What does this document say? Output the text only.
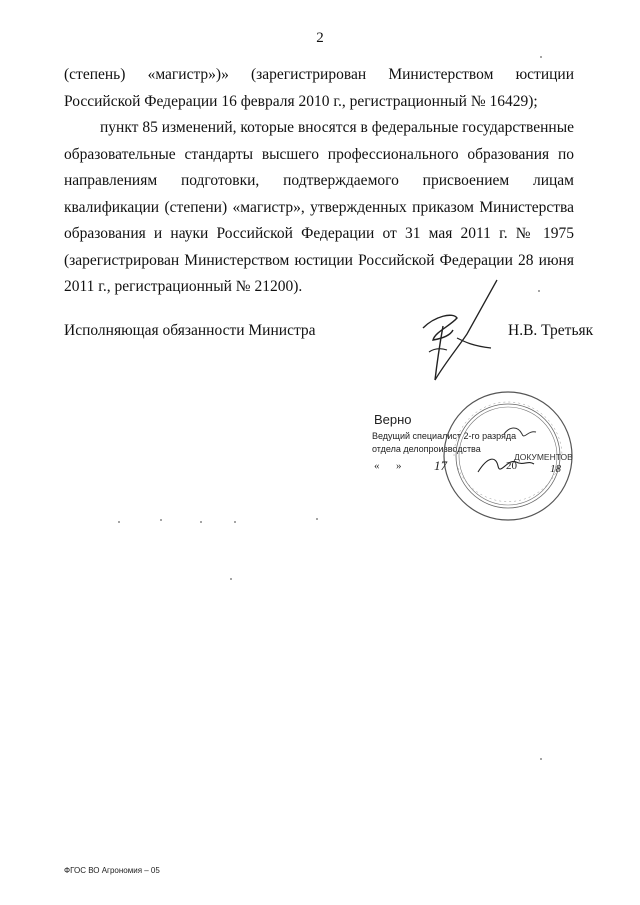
2
(степень) «магистр»)» (зарегистрирован Министерством юстиции Российской Федерации 16 февраля 2010 г., регистрационный № 16429);
пункт 85 изменений, которые вносятся в федеральные государственные образовательные стандарты высшего профессионального образования по направлениям подготовки, подтверждаемого присвоением лицам квалификации (степени) «магистр», утвержденных приказом Министерства образования и науки Российской Федерации от 31 мая 2011 г. № 1975 (зарегистрирован Министерством юстиции Российской Федерации 28 июня 2011 г., регистрационный № 21200).
Исполняющая обязанности Министра	Н.В. Третьяк
Верно
Ведущий специалист 2-го разряда
отдела делопроизводства
« »	20
ДОКУМЕНТОВ
17	18
ФГОС ВО Агрономия – 05
